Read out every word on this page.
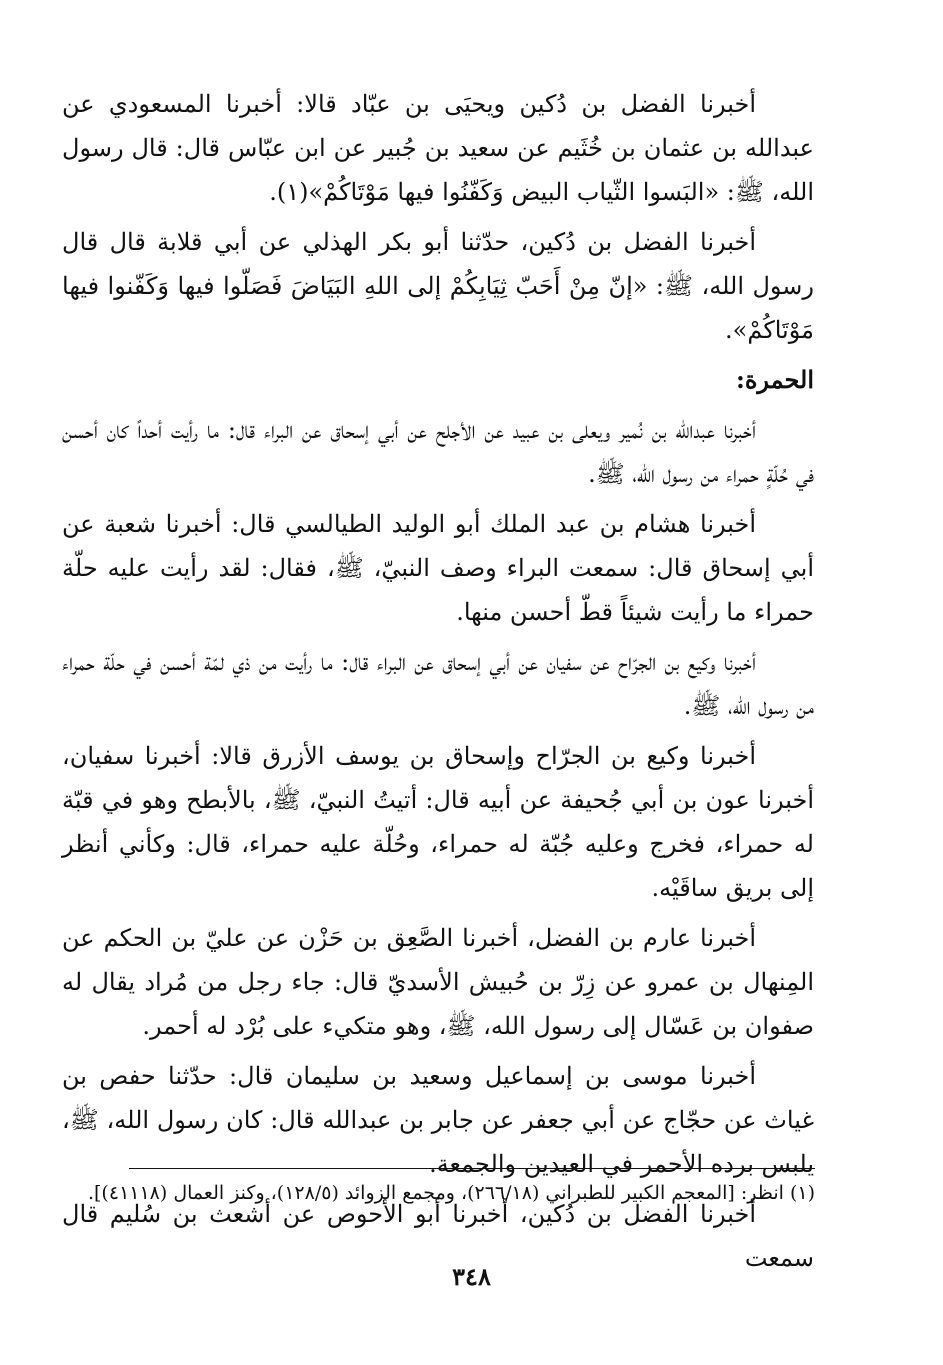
أخبرنا الفضل بن دُكين ويحيَى بن عبّاد قالا: أخبرنا المسعودي عن عبدالله بن عثمان بن خُثَيم عن سعيد بن جُبير عن ابن عبّاس قال: قال رسول الله، ﷺ: «البَسوا الثّياب البيض وَكَفّنُوا فيها مَوْتَاكُمْ»(١).

أخبرنا الفضل بن دُكين، حدّثنا أبو بكر الهذلي عن أبي قلابة قال قال رسول الله، ﷺ: «إنّ مِنْ أَحَبّ ثِيَابِكُمْ إلى اللهِ البَيَاضَ فَصَلّوا فيها وَكَفّنوا فيها مَوْتَاكُمْ».

الحمرة:

أخبرنا عبدالله بن نُمير ويعلى بن عبيد عن الأجلح عن أبي إسحاق عن البراء قال: ما رأيت أحداً كان أحسن في حُلّةٍ حمراء من رسول الله، ﷺ.

أخبرنا هشام بن عبد الملك أبو الوليد الطيالسي قال: أخبرنا شعبة عن أبي إسحاق قال: سمعت البراء وصف النبيّ، ﷺ، فقال: لقد رأيت عليه حلّة حمراء ما رأيت شيئاً قطّ أحسن منها.

أخبرنا وكيع بن الجرّاح عن سفيان عن أبي إسحاق عن البراء قال: ما رأيت من ذي لمّة أحسن في حلّة حمراء من رسول الله، ﷺ.

أخبرنا وكيع بن الجرّاح وإسحاق بن يوسف الأزرق قالا: أخبرنا سفيان، أخبرنا عون بن أبي جُحيفة عن أبيه قال: أتيتُ النبيّ، ﷺ، بالأبطح وهو في قبّة له حمراء، فخرج وعليه جُبّة له حمراء، وحُلّة عليه حمراء، قال: وكأني أنظر إلى بريق ساقَيْه.

أخبرنا عارم بن الفضل، أخبرنا الصَّعِق بن حَزْن عن عليّ بن الحكم عن المِنهال بن عمرو عن زِرّ بن حُبيش الأسديّ قال: جاء رجل من مُراد يقال له صفوان بن عَسّال إلى رسول الله، ﷺ، وهو متكيء على بُرْد له أحمر.

أخبرنا موسى بن إسماعيل وسعيد بن سليمان قال: حدّثنا حفص بن غياث عن حجّاج عن أبي جعفر عن جابر بن عبدالله قال: كان رسول الله، ﷺ، يلبس برده الأحمر في العيدين والجمعة.

أخبرنا الفضل بن دُكين، أخبرنا أبو الأحوص عن أشعث بن سُليم قال سمعت

(١) انظر: [المعجم الكبير للطبراني (٢٦٦/١٨)، ومجمع الزوائد (١٢٨/٥)، وكنز العمال (٤١١١٨)].
٣٤٨
